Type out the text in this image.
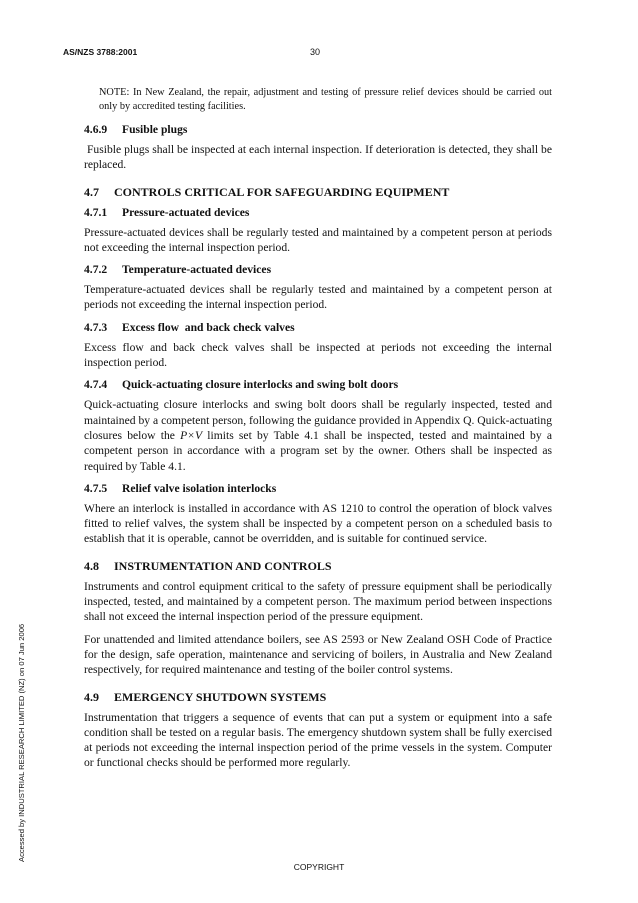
AS/NZS 3788:2001	30

NOTE: In New Zealand, the repair, adjustment and testing of pressure relief devices should be carried out only by accredited testing facilities.

4.6.9 Fusible plugs

Fusible plugs shall be inspected at each internal inspection. If deterioration is detected, they shall be replaced.

4.7 CONTROLS CRITICAL FOR SAFEGUARDING EQUIPMENT
4.7.1 Pressure-actuated devices

Pressure-actuated devices shall be regularly tested and maintained by a competent person at periods not exceeding the internal inspection period.

4.7.2 Temperature-actuated devices

Temperature-actuated devices shall be regularly tested and maintained by a competent person at periods not exceeding the internal inspection period.

4.7.3 Excess flow  and back check valves

Excess flow and back check valves shall be inspected at periods not exceeding the internal inspection period.

4.7.4 Quick-actuating closure interlocks and swing bolt doors

Quick-actuating closure interlocks and swing bolt doors shall be regularly inspected, tested and maintained by a competent person, following the guidance provided in Appendix Q. Quick-actuating closures below the P×V limits set by Table 4.1 shall be inspected, tested and maintained by a competent person in accordance with a program set by the owner. Others shall be inspected as required by Table 4.1.

4.7.5 Relief valve isolation interlocks

Where an interlock is installed in accordance with AS 1210 to control the operation of block valves fitted to relief valves, the system shall be inspected by a competent person on a scheduled basis to establish that it is operable, cannot be overridden, and is suitable for continued service.

4.8 INSTRUMENTATION AND CONTROLS

Instruments and control equipment critical to the safety of pressure equipment shall be periodically inspected, tested, and maintained by a competent person. The maximum period between inspections shall not exceed the internal inspection period of the pressure equipment.

For unattended and limited attendance boilers, see AS 2593 or New Zealand OSH Code of Practice for the design, safe operation, maintenance and servicing of boilers, in Australia and New Zealand respectively, for required maintenance and testing of the boiler control systems.

4.9 EMERGENCY SHUTDOWN SYSTEMS

Instrumentation that triggers a sequence of events that can put a system or equipment into a safe condition shall be tested on a regular basis. The emergency shutdown system shall be fully exercised at periods not exceeding the internal inspection period of the prime vessels in the system. Computer or functional checks should be performed more regularly.

Accessed by INDUSTRIAL RESEARCH LIMITED (NZ) on 07 Jun 2006
COPYRIGHT
